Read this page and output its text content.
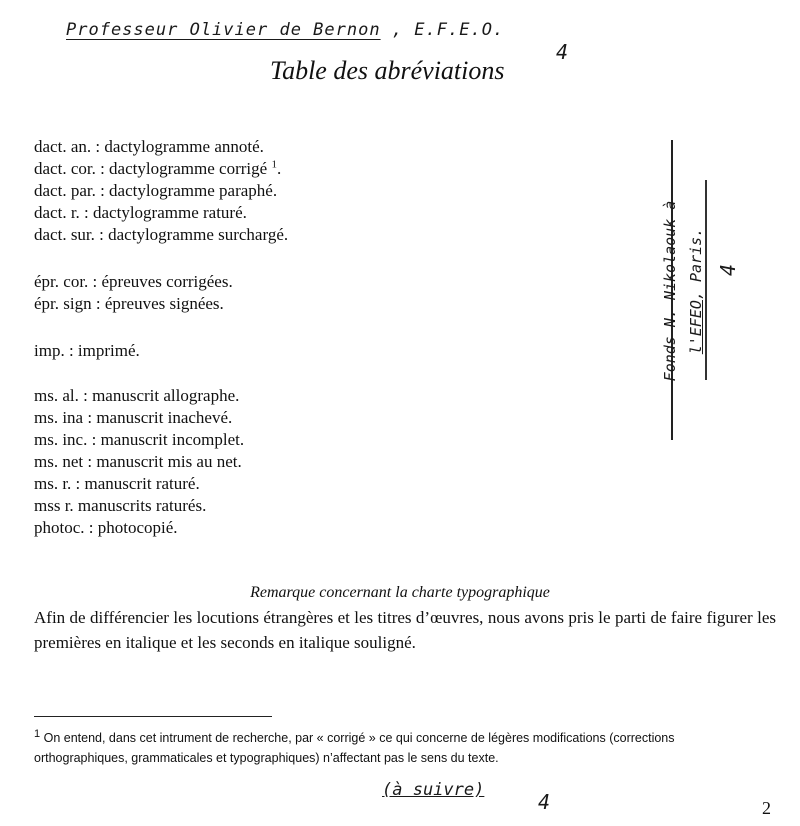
Professeur Olivier de Bernon , E.F.E.O.
4
Table des abréviations
dact. an. : dactylogramme annoté.
dact. cor. : dactylogramme corrigé $^1$.
dact. par. : dactylogramme paraphé.
dact. r. : dactylogramme raturé.
dact. sur. : dactylogramme surchargé.
épr. cor. : épreuves corrigées.
épr. sign : épreuves signées.
imp. : imprimé.
ms. al. : manuscrit allographe.
ms. ina : manuscrit inachevé.
ms. inc. : manuscrit incomplet.
ms. net : manuscrit mis au net.
ms. r. : manuscrit raturé.
mss r. manuscrits raturés.
photoc. : photocopié.
Fonds N. Nikolaouk à l'EFEO, Paris. 4
Remarque concernant la charte typographique
Afin de différencier les locutions étrangères et les titres d’œuvres, nous avons pris le parti de faire figurer les premières en italique et les seconds en italique souligné.
$^1$ On entend, dans cet intrument de recherche, par « corrigé » ce qui concerne de légères modifications (corrections orthographiques, grammaticales et typographiques) n’affectant pas le sens du texte.
(à suivre)	4	2
